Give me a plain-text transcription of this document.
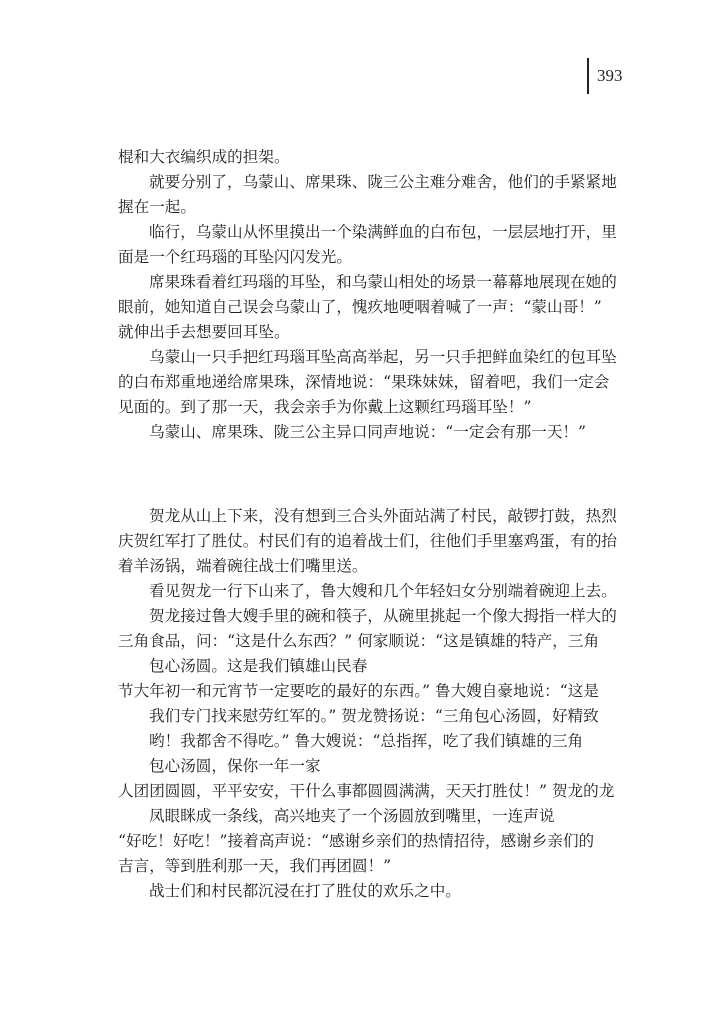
393
棍和大衣编织成的担架。
就要分别了，乌蒙山、席果珠、陇三公主难分难舍，他们的手紧紧地
握在一起。
临行，乌蒙山从怀里摸出一个染满鲜血的白布包，一层层地打开，里
面是一个红玛瑙的耳坠闪闪发光。
席果珠看着红玛瑙的耳坠，和乌蒙山相处的场景一幕幕地展现在她的
眼前，她知道自己误会乌蒙山了，愧疚地哽咽着喊了一声：“蒙山哥！”
就伸出手去想要回耳坠。
乌蒙山一只手把红玛瑙耳坠高高举起，另一只手把鲜血染红的包耳坠
的白布郑重地递给席果珠，深情地说：“果珠妹妹，留着吧，我们一定会
见面的。到了那一天，我会亲手为你戴上这颗红玛瑙耳坠！”
乌蒙山、席果珠、陇三公主异口同声地说：“一定会有那一天！”
贺龙从山上下来，没有想到三合头外面站满了村民，敲锣打鼓，热烈
庆贺红军打了胜仗。村民们有的追着战士们，往他们手里塞鸡蛋，有的抬
着羊汤锅，端着碗往战士们嘴里送。
看见贺龙一行下山来了，鲁大嫂和几个年轻妇女分别端着碗迎上去。
贺龙接过鲁大嫂手里的碗和筷子，从碗里挑起一个像大拇指一样大的
三角食品，问：“这是什么东西？” 何家顺说：“这是镇雄的特产，三角
包心汤圆。这是我们镇雄山民春
节大年初一和元宵节一定要吃的最好的东西。” 鲁大嫂自豪地说：“这是
我们专门找来慰劳红军的。” 贺龙赞扬说：“三角包心汤圆，好精致
哟！我都舍不得吃。” 鲁大嫂说：“总指挥，吃了我们镇雄的三角
包心汤圆，保你一年一家
人团团圆圆，平平安安，干什么事都圆圆满满，天天打胜仗！” 贺龙的龙
凤眼眯成一条线，高兴地夹了一个汤圆放到嘴里，一连声说
“好吃！好吃！”接着高声说：“感谢乡亲们的热情招待，感谢乡亲们的
吉言，等到胜利那一天，我们再团圆！”
战士们和村民都沉浸在打了胜仗的欢乐之中。
